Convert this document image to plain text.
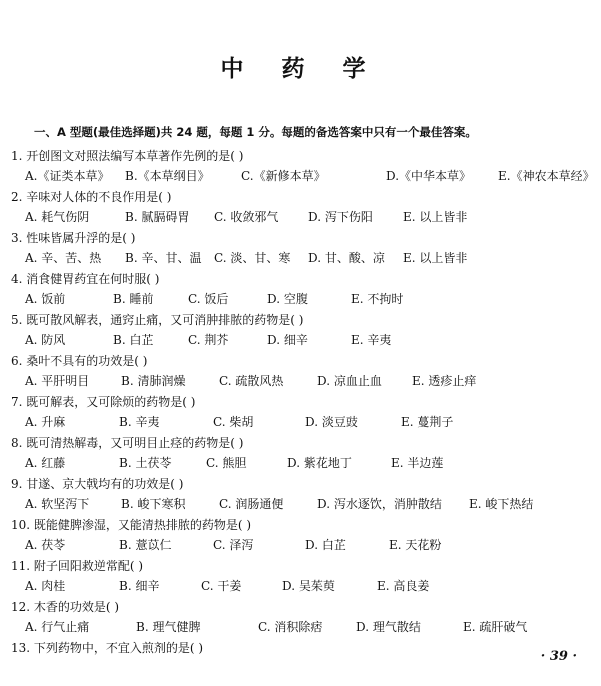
中 药 学
一、A 型题(最佳选择题)共 24 题，每题 1 分。每题的备选答案中只有一个最佳答案。
1. 开创图文对照法编写本草著作先例的是( )
A.《证类本草》 B.《本草纲目》	C.《新修本草》	D.《中华本草》 E.《神农本草经》
2. 辛味对人体的不良作用是( )
A. 耗气伤阴	B. 腻膈碍胃 C. 收敛邪气 D. 泻下伤阳	E. 以上皆非
3. 性味皆属升浮的是( )
A. 辛、苦、热 B. 辛、甘、温 C. 淡、甘、寒 D. 甘、酸、凉 E. 以上皆非
4. 消食健胃药宜在何时服( )
A. 饭前	B. 睡前	C. 饭后	D. 空腹	E. 不拘时
5. 既可散风解表，通窍止痛，又可消肿排脓的药物是( )
A. 防风	B. 白芷	C. 荆芥	D. 细辛	E. 辛夷
6. 桑叶不具有的功效是( )
A. 平肝明目	B. 清肺润燥	C. 疏散风热	D. 凉血止血	E. 透疹止痒
7. 既可解表，又可除烦的药物是( )
A. 升麻	B. 辛夷	C. 柴胡	D. 淡豆豉	E. 蔓荆子
8. 既可清热解毒，又可明目止痉的药物是( )
A. 红藤	B. 土茯苓	C. 熊胆	D. 紫花地丁	E. 半边莲
9. 甘遂、京大戟均有的功效是( )
A. 软坚泻下	B. 峻下寒积	C. 润肠通便	D. 泻水逐饮，消肿散结 E. 峻下热结
10. 既能健脾渗湿，又能清热排脓的药物是( )
A. 茯苓	B. 薏苡仁	C. 泽泻	D. 白芷	E. 天花粉
11. 附子回阳救逆常配( )
A. 肉桂	B. 细辛	C. 干姜	D. 吴茱萸	E. 高良姜
12. 木香的功效是( )
A. 行气止痛	B. 理气健脾	C. 消积除痞	D. 理气散结	E. 疏肝破气
13. 下列药物中，不宜入煎剂的是( )
· 39 ·
